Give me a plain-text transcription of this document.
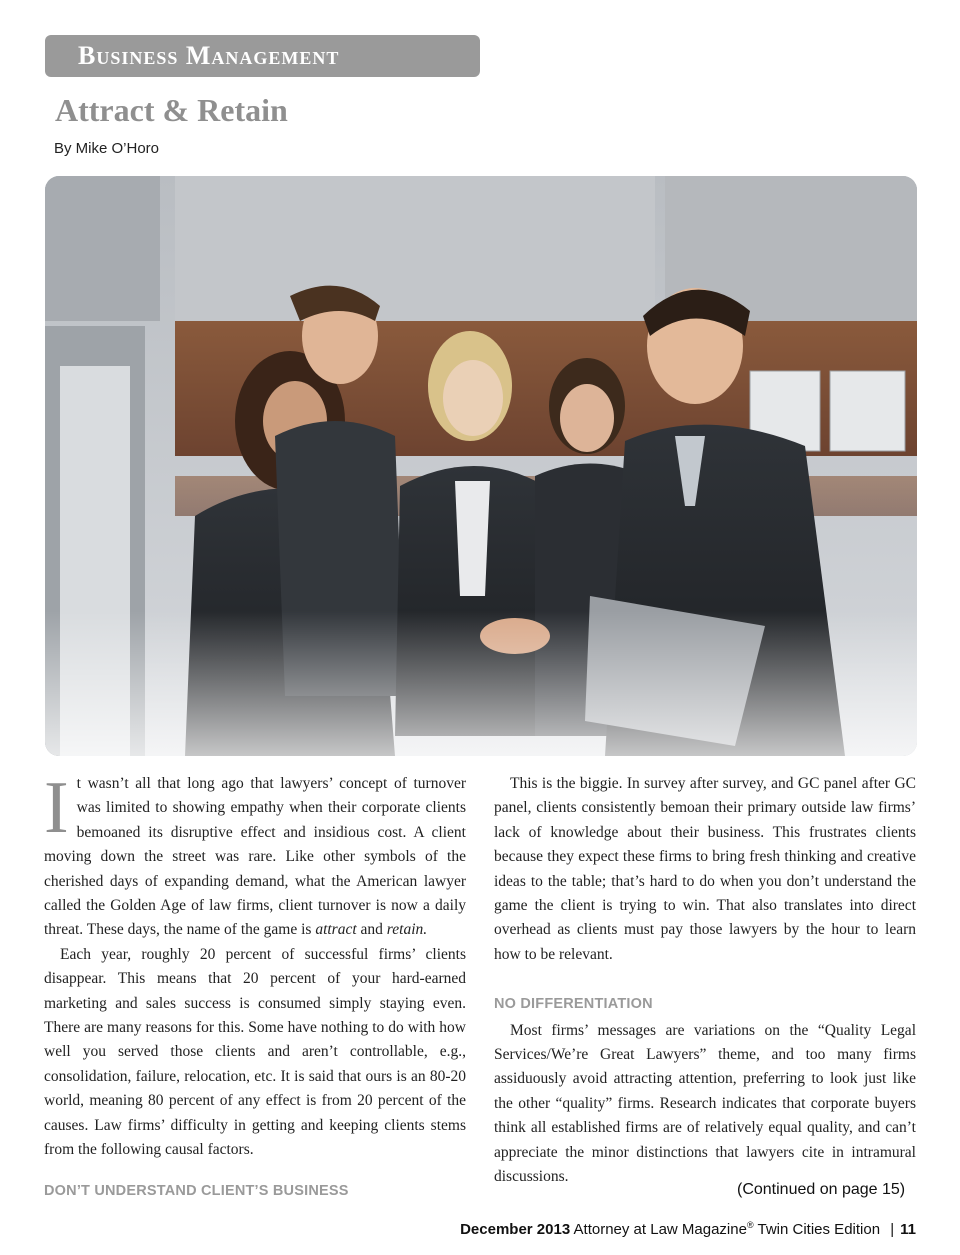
Business Management
Attract & Retain
By Mike O’Horo

It wasn’t all that long ago that lawyers’ concept of turnover was limited to showing empathy when their corporate clients bemoaned its disruptive effect and insidious cost. A client moving down the street was rare. Like other symbols of the cherished days of expanding demand, what the American lawyer called the Golden Age of law firms, client turnover is now a daily threat. These days, the name of the game is attract and retain.

Each year, roughly 20 percent of successful firms’ clients disappear. This means that 20 percent of your hard-earned marketing and sales success is consumed simply staying even. There are many reasons for this. Some have nothing to do with how well you served those clients and aren’t controllable, e.g., consolidation, failure, relocation, etc. It is said that ours is an 80-20 world, meaning 80 percent of any effect is from 20 percent of the causes. Law firms’ difficulty in getting and keeping clients stems from the following causal factors.

DON’T UNDERSTAND CLIENT’S BUSINESS

This is the biggie. In survey after survey, and GC panel after GC panel, clients consistently bemoan their primary outside law firms’ lack of knowledge about their business. This frustrates clients because they expect these firms to bring fresh thinking and creative ideas to the table; that’s hard to do when you don’t understand the game the client is trying to win. That also translates into direct overhead as clients must pay those lawyers by the hour to learn how to be relevant.

NO DIFFERENTIATION

Most firms’ messages are variations on the “Quality Legal Services/We’re Great Lawyers” theme, and too many firms assiduously avoid attracting attention, preferring to look just like the other “quality” firms. Research indicates that corporate buyers think all established firms are of relatively equal quality, and can’t appreciate the minor distinctions that lawyers cite in intramural discussions.

(Continued on page 15)
December 2013 Attorney at Law Magazine® Twin Cities Edition | 11
